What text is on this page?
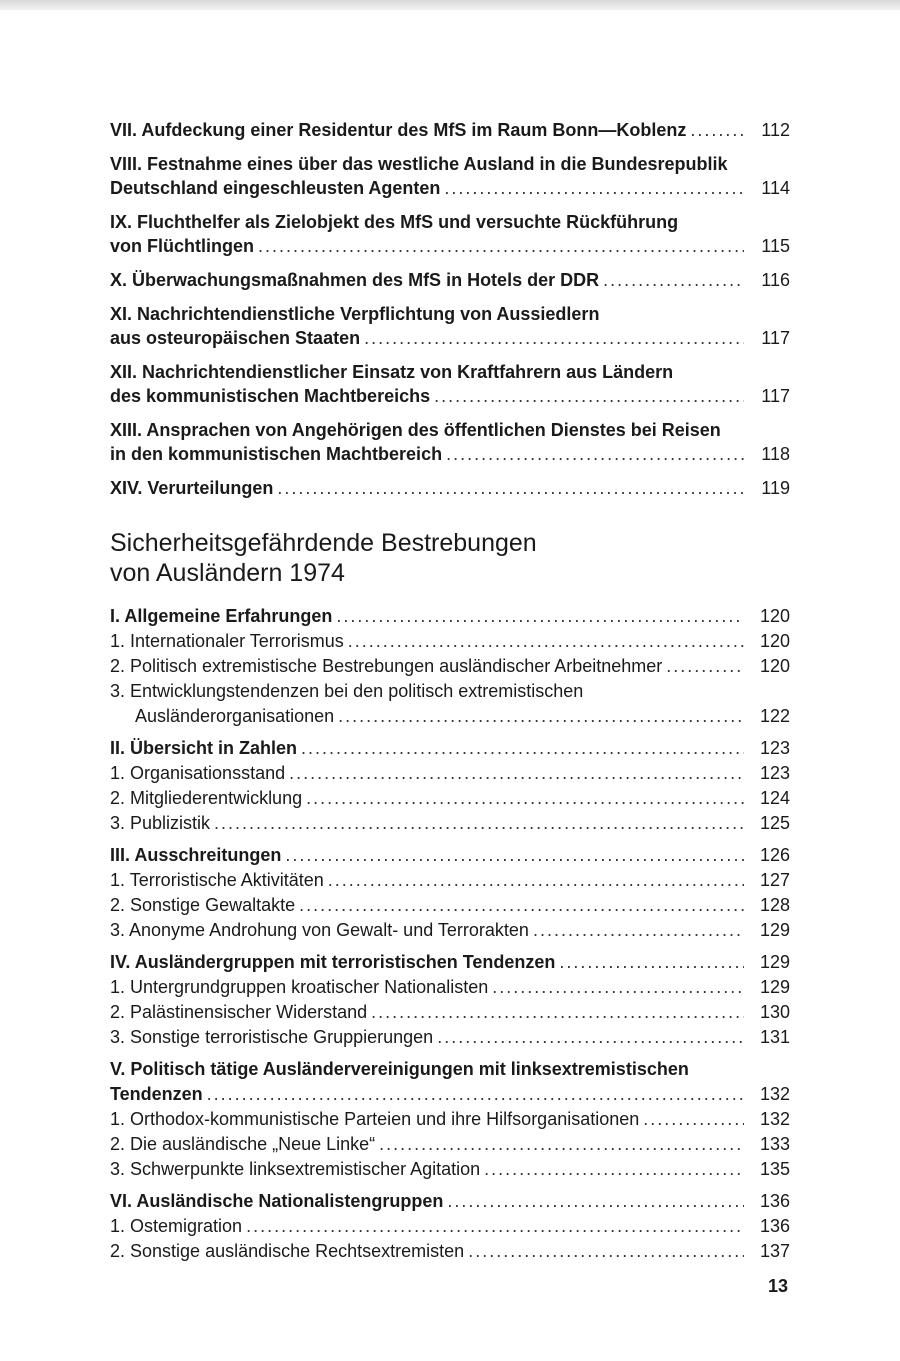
VII. Aufdeckung einer Residentur des MfS im Raum Bonn—Koblenz .....	112
VIII. Festnahme eines über das westliche Ausland in die Bundesrepublik
Deutschland eingeschleusten Agenten .....	114
IX. Fluchthelfer als Zielobjekt des MfS und versuchte Rückführung
von Flüchtlingen .....	115
X. Überwachungsmaßnahmen des MfS in Hotels der DDR .....	116
XI. Nachrichtendienstliche Verpflichtung von Aussiedlern
aus osteuropäischen Staaten .....	117
XII. Nachrichtendienstlicher Einsatz von Kraftfahrern aus Ländern
des kommunistischen Machtbereichs .....	117
XIII. Ansprachen von Angehörigen des öffentlichen Dienstes bei Reisen
in den kommunistischen Machtbereich .....	118
XIV. Verurteilungen .....	119
Sicherheitsgefährdende Bestrebungen
von Ausländern 1974
I. Allgemeine Erfahrungen .....	120
1. Internationaler Terrorismus .....	120
2. Politisch extremistische Bestrebungen ausländischer Arbeitnehmer .....	120
3. Entwicklungstendenzen bei den politisch extremistischen
Ausländerorganisationen .....	122
II. Übersicht in Zahlen .....	123
1. Organisationsstand .....	123
2. Mitgliederentwicklung .....	124
3. Publizistik .....	125
III. Ausschreitungen .....	126
1. Terroristische Aktivitäten .....	127
2. Sonstige Gewaltakte .....	128
3. Anonyme Androhung von Gewalt- und Terrorakten .....	129
IV. Ausländergruppen mit terroristischen Tendenzen .....	129
1. Untergrundgruppen kroatischer Nationalisten .....	129
2. Palästinensischer Widerstand .....	130
3. Sonstige terroristische Gruppierungen .....	131
V. Politisch tätige Ausländervereinigungen mit linksextremistischen
Tendenzen .....	132
1. Orthodox-kommunistische Parteien und ihre Hilfsorganisationen .....	132
2. Die ausländische „Neue Linke“ .....	133
3. Schwerpunkte linksextremistischer Agitation .....	135
VI. Ausländische Nationalistengruppen .....	136
1. Ostemigration .....	136
2. Sonstige ausländische Rechtsextremisten .....	137
13
